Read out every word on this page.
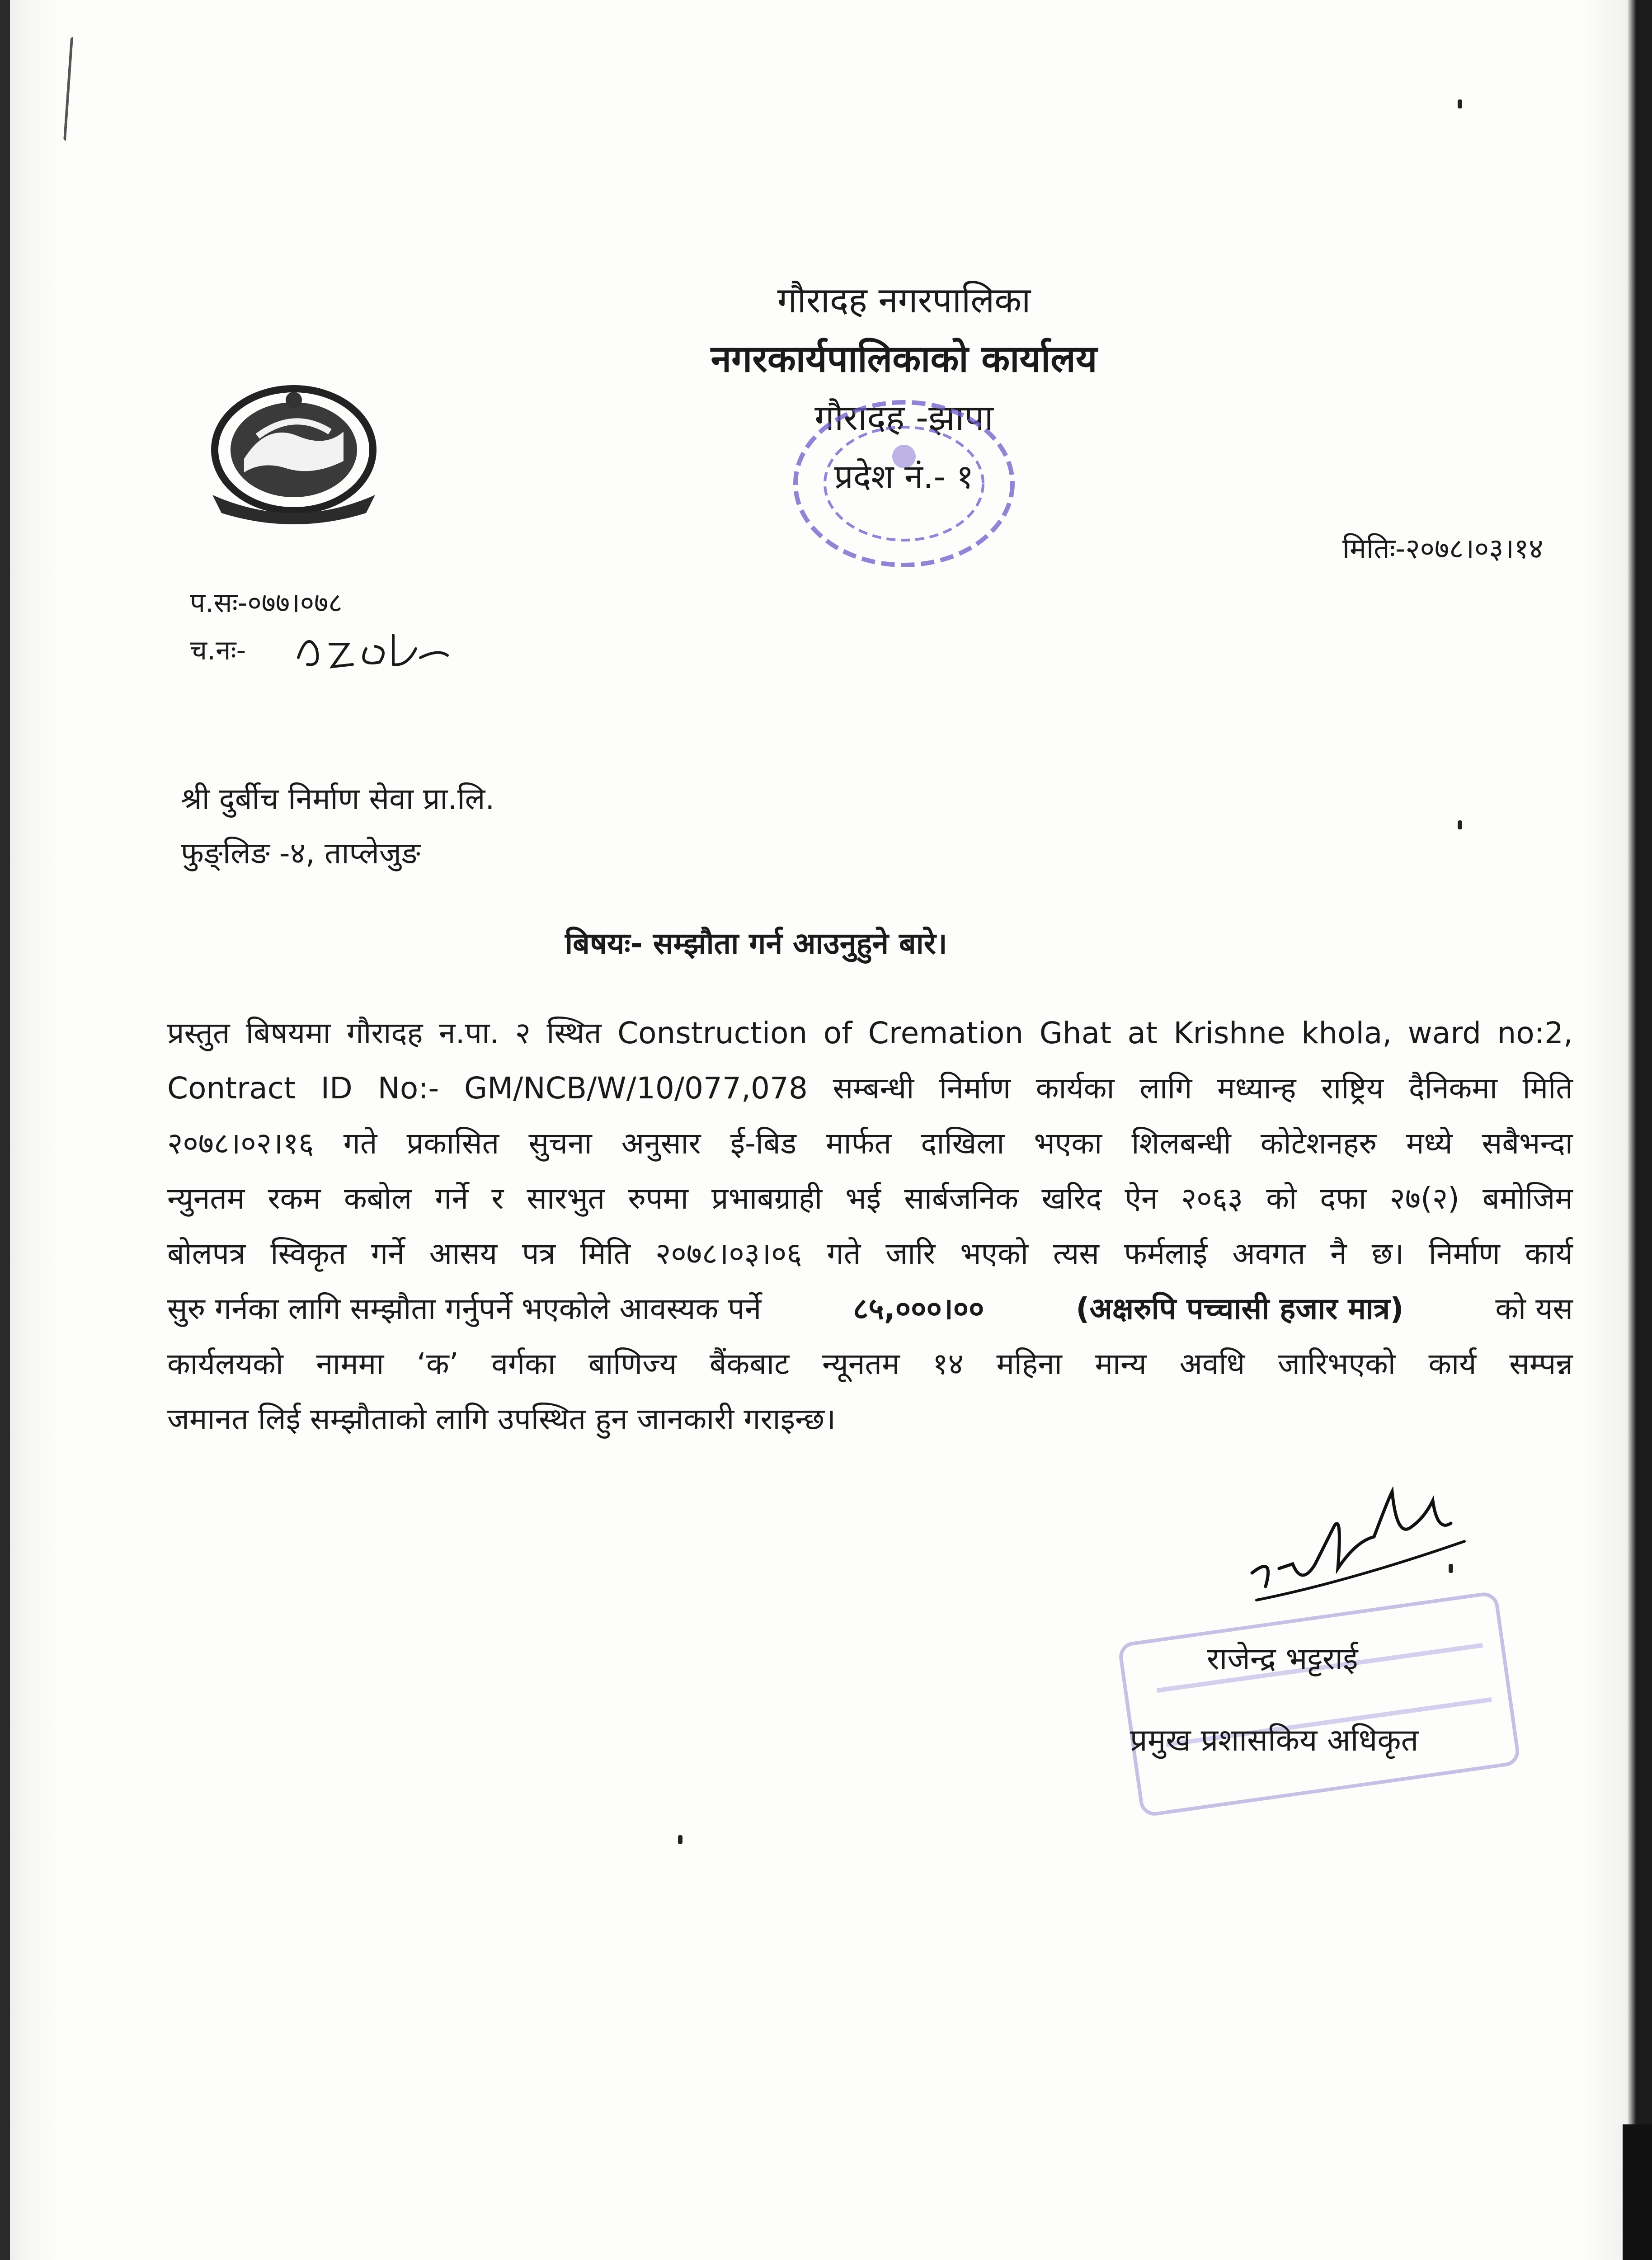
गौरादह नगरपालिका
नगरकार्यपालिकाको कार्यालय
गौरादह -झापा
प्रदेश नं.- १
मितिः-२०७८।०३।१४
प.सः-०७७।०७८
च.नः-
श्री दुर्बीच निर्माण सेवा प्रा.लि.
फुङ्लिङ -४, ताप्लेजुङ
बिषयः- सम्झौता गर्न आउनुहुने बारे।
प्रस्तुत बिषयमा गौरादह न.पा. २ स्थित Construction of Cremation Ghat at Krishne khola, ward no:2,
Contract ID No:- GM/NCB/W/10/077,078 सम्बन्धी निर्माण कार्यका लागि मध्यान्ह राष्ट्रिय दैनिकमा मिति
२०७८।०२।१६ गते प्रकासित सुचना अनुसार ई-बिड मार्फत दाखिला भएका शिलबन्धी कोटेशनहरु मध्ये सबैभन्दा
न्युनतम रकम कबोल गर्ने र सारभुत रुपमा प्रभाबग्राही भई सार्बजनिक खरिद ऐन २०६३ को दफा २७(२) बमोजिम
बोलपत्र स्विकृत गर्ने आसय पत्र मिति २०७८।०३।०६ गते जारि भएको त्यस फर्मलाई अवगत नै छ। निर्माण कार्य
सुरु गर्नका लागि सम्झौता गर्नुपर्ने भएकोले आवस्यक पर्ने	८५,०००।००	(अक्षरुपि पच्चासी हजार मात्र)	को यस
कार्यलयको नाममा ‘क’ वर्गका बाणिज्य बैंकबाट न्यूनतम १४ महिना मान्य अवधि जारिभएको कार्य सम्पन्न
जमानत लिई सम्झौताको लागि उपस्थित हुन जानकारी गराइन्छ।
राजेन्द्र भट्टराई
प्रमुख प्रशासकिय अधिकृत
